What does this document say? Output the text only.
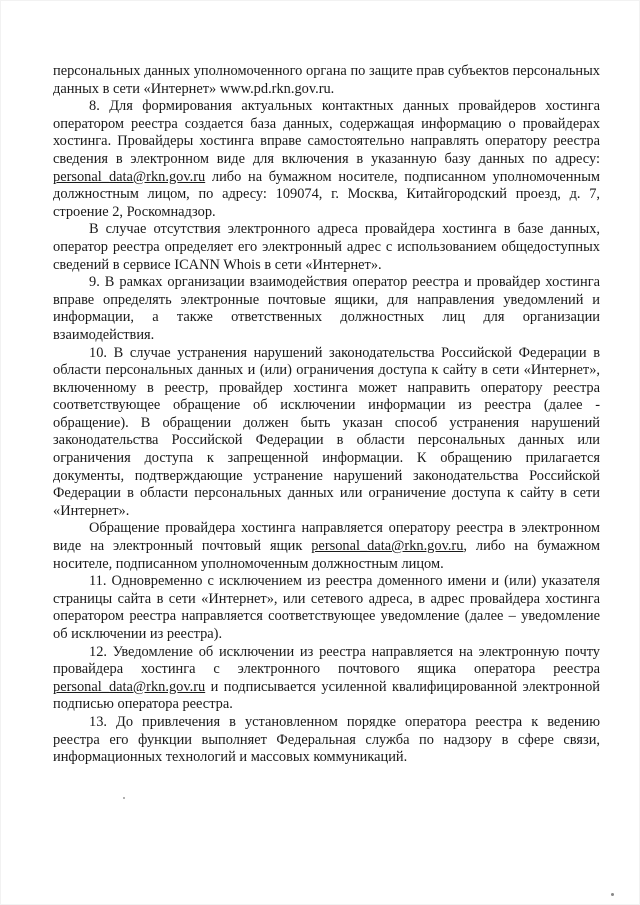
персональных данных уполномоченного органа по защите прав субъектов персональных данных в сети «Интернет» www.pd.rkn.gov.ru.

8. Для формирования актуальных контактных данных провайдеров хостинга оператором реестра создается база данных, содержащая информацию о провайдерах хостинга. Провайдеры хостинга вправе самостоятельно направлять оператору реестра сведения в электронном виде для включения в указанную базу данных по адресу: personal_data@rkn.gov.ru либо на бумажном носителе, подписанном уполномоченным должностным лицом, по адресу: 109074, г. Москва, Китайгородский проезд, д. 7, строение 2, Роскомнадзор.

В случае отсутствия электронного адреса провайдера хостинга в базе данных, оператор реестра определяет его электронный адрес с использованием общедоступных сведений в сервисе ICANN Whois в сети «Интернет».

9. В рамках организации взаимодействия оператор реестра и провайдер хостинга вправе определять электронные почтовые ящики, для направления уведомлений и информации, а также ответственных должностных лиц для организации взаимодействия.

10. В случае устранения нарушений законодательства Российской Федерации в области персональных данных и (или) ограничения доступа к сайту в сети «Интернет», включенному в реестр, провайдер хостинга может направить оператору реестра соответствующее обращение об исключении информации из реестра (далее - обращение). В обращении должен быть указан способ устранения нарушений законодательства Российской Федерации в области персональных данных или ограничения доступа к запрещенной информации. К обращению прилагается документы, подтверждающие устранение нарушений законодательства Российской Федерации в области персональных данных или ограничение доступа к сайту в сети «Интернет».

Обращение провайдера хостинга направляется оператору реестра в электронном виде на электронный почтовый ящик personal_data@rkn.gov.ru, либо на бумажном носителе, подписанном уполномоченным должностным лицом.

11. Одновременно с исключением из реестра доменного имени и (или) указателя страницы сайта в сети «Интернет», или сетевого адреса, в адрес провайдера хостинга оператором реестра направляется соответствующее уведомление (далее – уведомление об исключении из реестра).

12. Уведомление об исключении из реестра направляется на электронную почту провайдера хостинга с электронного почтового ящика оператора реестра personal_data@rkn.gov.ru и подписывается усиленной квалифицированной электронной подписью оператора реестра.

13. До привлечения в установленном порядке оператора реестра к ведению реестра его функции выполняет Федеральная служба по надзору в сфере связи, информационных технологий и массовых коммуникаций.
